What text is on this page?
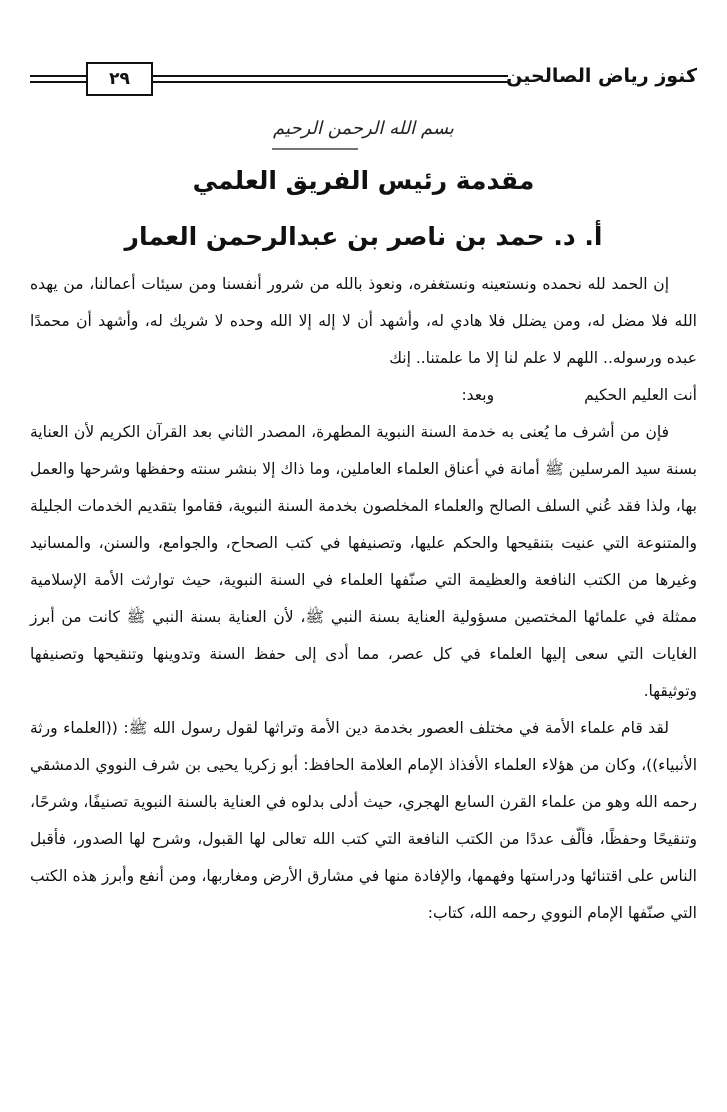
٢٩	كنوز رياض الصالحين
بسم الله الرحمن الرحيم
مقدمة رئيس الفريق العلمي
أ. د. حمد بن ناصر بن عبدالرحمن العمار

إن الحمد لله نحمده ونستعينه ونستغفره، ونعوذ بالله من شرور أنفسنا ومن سيئات أعمالنا، من يهده الله فلا مضل له، ومن يضلل فلا هادي له، وأشهد أن لا إله إلا الله وحده لا شريك له، وأشهد أن محمدًا عبده ورسوله.. اللهم لا علم لنا إلا ما علمتنا.. إنك

أنت العليم الحكيم
وبعد:

فإن من أشرف ما يُعنى به خدمة السنة النبوية المطهرة، المصدر الثاني بعد القرآن الكريم لأن العناية بسنة سيد المرسلين ﷺ أمانة في أعناق العلماء العاملين، وما ذاك إلا بنشر سنته وحفظها وشرحها والعمل بها، ولذا فقد عُني السلف الصالح والعلماء المخلصون بخدمة السنة النبوية، فقاموا بتقديم الخدمات الجليلة والمتنوعة التي عنيت بتنقيحها والحكم عليها، وتصنيفها في كتب الصحاح، والجوامع، والسنن، والمسانيد وغيرها من الكتب النافعة والعظيمة التي صنّفها العلماء في السنة النبوية، حيث توارثت الأمة الإسلامية ممثلة في علمائها المختصين مسؤولية العناية بسنة النبي ﷺ، لأن العناية بسنة النبي ﷺ كانت من أبرز الغايات التي سعى إليها العلماء في كل عصر، مما أدى إلى حفظ السنة وتدوينها وتنقيحها وتصنيفها وتوثيقها.

لقد قام علماء الأمة في مختلف العصور بخدمة دين الأمة وتراثها لقول رسول الله ﷺ: ((العلماء ورثة الأنبياء))، وكان من هؤلاء العلماء الأفذاذ الإمام العلامة الحافظ: أبو زكريا يحيى بن شرف النووي الدمشقي رحمه الله وهو من علماء القرن السابع الهجري، حيث أدلى بدلوه في العناية بالسنة النبوية تصنيفًا، وشرحًا، وتنقيحًا وحفظًا، فألّف عددًا من الكتب النافعة التي كتب الله تعالى لها القبول، وشرح لها الصدور، فأقبل الناس على اقتنائها ودراستها وفهمها، والإفادة منها في مشارق الأرض ومغاربها، ومن أنفع وأبرز هذه الكتب التي صنّفها الإمام النووي رحمه الله، كتاب:
